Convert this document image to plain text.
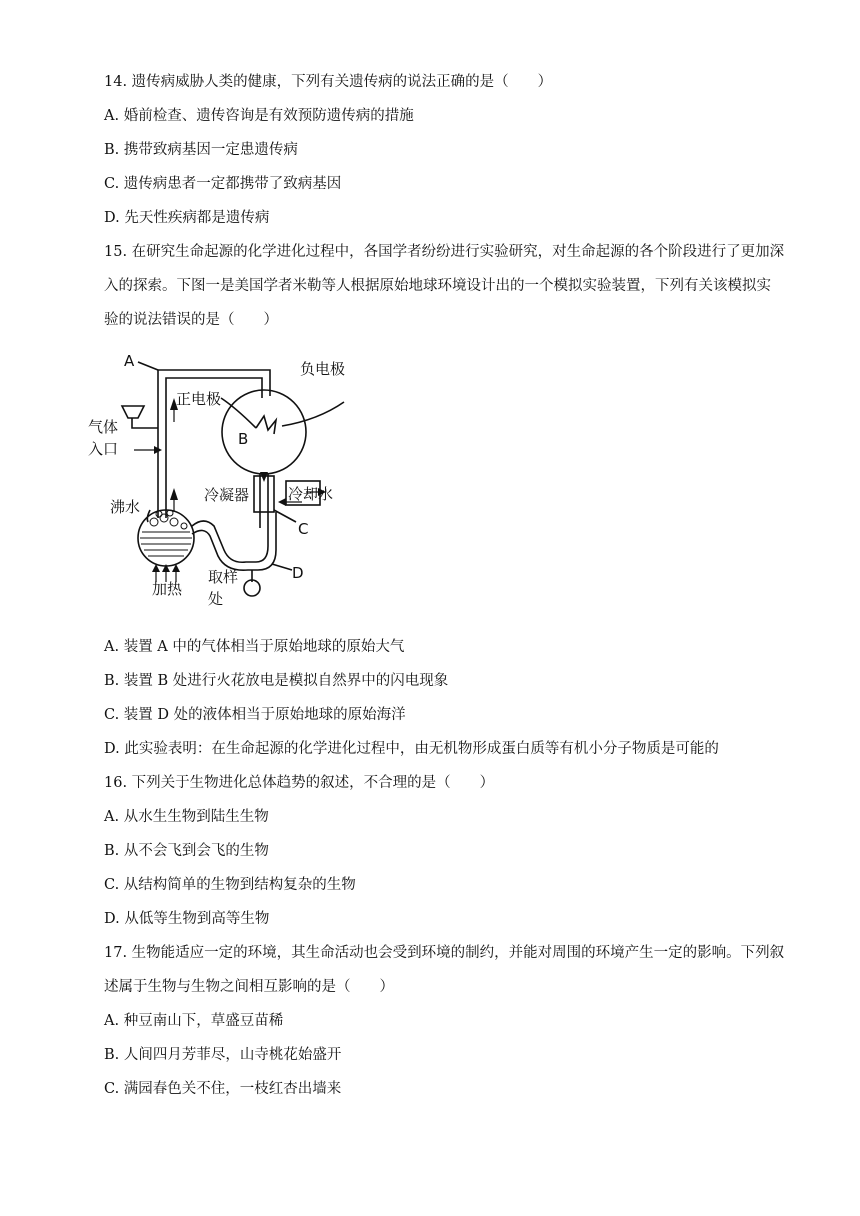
14. 遗传病威胁人类的健康，下列有关遗传病的说法正确的是（　　）
A. 婚前检查、遗传咨询是有效预防遗传病的措施
B. 携带致病基因一定患遗传病
C. 遗传病患者一定都携带了致病基因
D. 先天性疾病都是遗传病
15. 在研究生命起源的化学进化过程中，各国学者纷纷进行实验研究，对生命起源的各个阶段进行了更加深
入的探索。下图一是美国学者米勒等人根据原始地球环境设计出的一个模拟实验装置，下列有关该模拟实
验的说法错误的是（　　）
A
B
C
D
负电极
正电极
气体
入口
冷凝器	冷却水
沸水
加热
取样
处
A. 装置 A 中的气体相当于原始地球的原始大气
B. 装置 B 处进行火花放电是模拟自然界中的闪电现象
C. 装置 D 处的液体相当于原始地球的原始海洋
D. 此实验表明：在生命起源的化学进化过程中，由无机物形成蛋白质等有机小分子物质是可能的
16. 下列关于生物进化总体趋势的叙述，不合理的是（　　）
A. 从水生生物到陆生生物
B. 从不会飞到会飞的生物
C. 从结构简单的生物到结构复杂的生物
D. 从低等生物到高等生物
17. 生物能适应一定的环境，其生命活动也会受到环境的制约，并能对周围的环境产生一定的影响。下列叙
述属于生物与生物之间相互影响的是（　　）
A. 种豆南山下，草盛豆苗稀
B. 人间四月芳菲尽，山寺桃花始盛开
C. 满园春色关不住，一枝红杏出墙来
